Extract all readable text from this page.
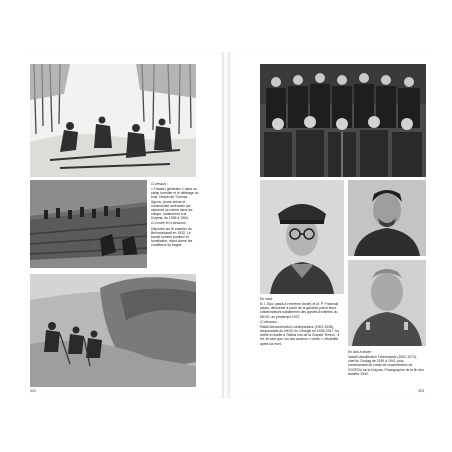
Ci-dessus :

« Travaux généraux » dans un camp forestier et le débitage du bois. Dessin de Thomas Sgovio, jeune artiste et communiste américain qui séjourna lui-même dans les camps, notamment à la Kolyma, de 1938 à 1954.

Ci-contre et ci-dessous :

Déportés sur le chantier du Belomorkanal en 1932. Le travail comme punition et humiliation, étant donné les conditions du bagne.

322

En haut :

N. I. Ejov (assis à l'extrême droite) et M. P. Frinovski (assis, deuxième à partir de la gauche) parmi leurs collaborateurs subalternes des gardes-frontières du NKVD, au printemps 1937.

Ci-dessous :

Rafail Alexandrovitch Lordkipanidze (1902-1938), responsable du NKVD en Géorgie en 1935-1937, fut arrêté et fusillé à Tbilissi lors de la Grande Terreur ; il fut, en tant que l'un des anciens « chefs », réhabilité après sa mort.

En bas à droite :

Vassili Vassilievitch Tcherniavski (1902-1973), chef du Goulag de 1939 à 1941, puis commandant du camp de concentration de l'OGPOU de la Kolyma. Photographie de la fin des années 1940.

323
